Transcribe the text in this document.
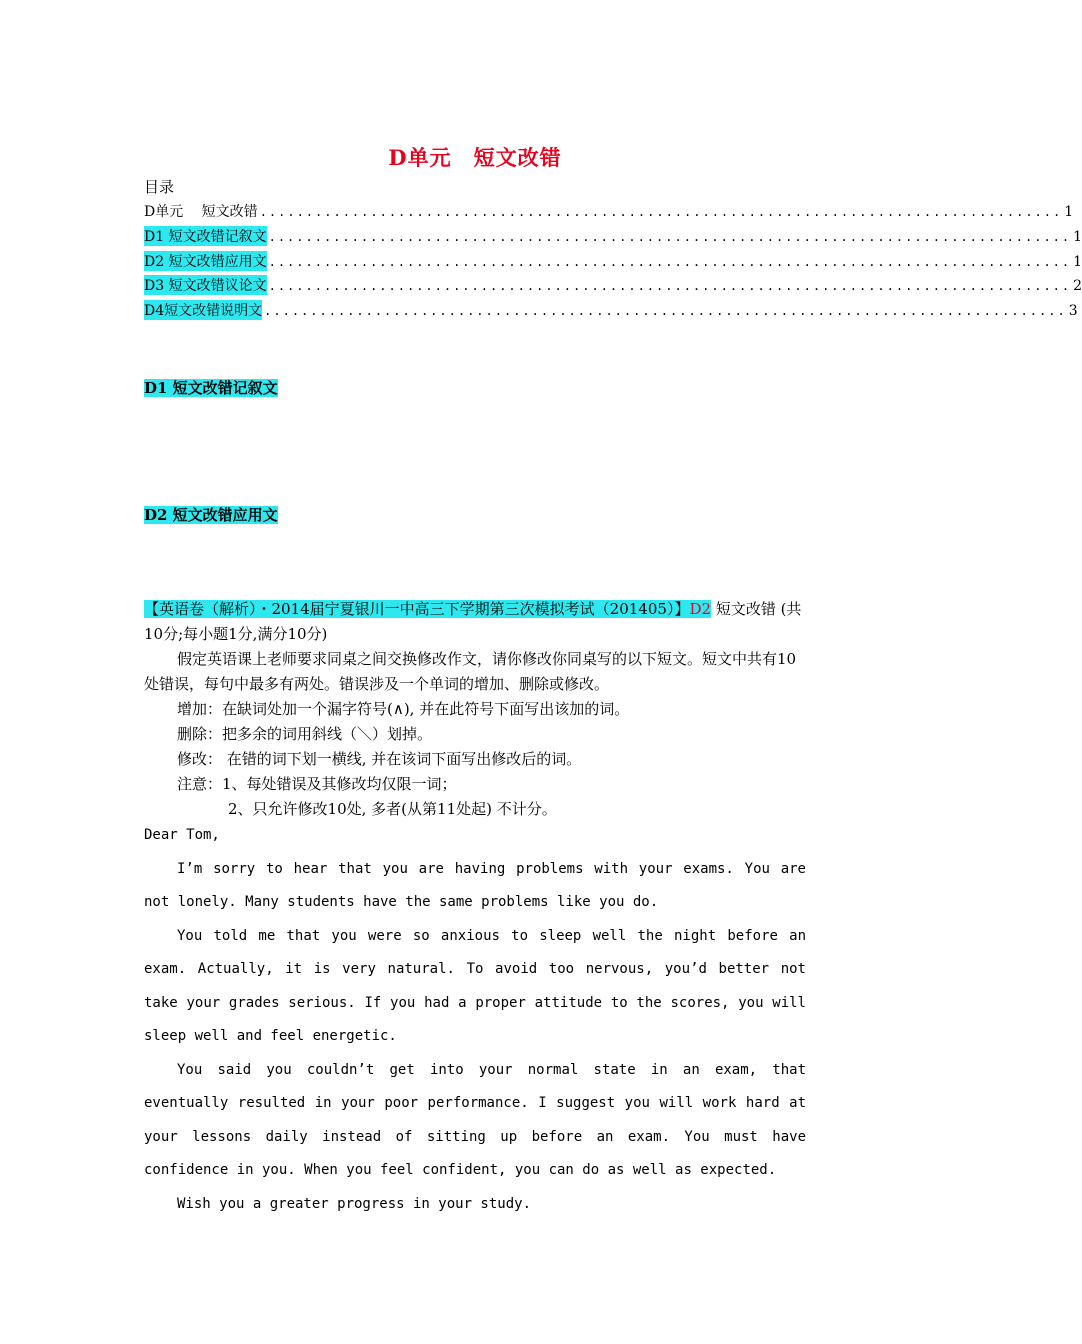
D单元 短文改错
目录
D单元　 短文改错 ....................................................................................... 1
D1 短文改错记叙文 ....................................................................................... 1
D2 短文改错应用文 ....................................................................................... 1
D3 短文改错议论文 ....................................................................................... 2
D4短文改错说明文 ....................................................................................... 3
D1 短文改错记叙文
D2 短文改错应用文
【英语卷（解析）・2014届宁夏银川一中高三下学期第三次模拟考试（201405）】D2 短文改错 (共10分;每小题1分,满分10分)
假定英语课上老师要求同桌之间交换修改作文，请你修改你同桌写的以下短文。短文中共有10处错误，每句中最多有两处。错误涉及一个单词的增加、删除或修改。
增加：在缺词处加一个漏字符号(∧), 并在此符号下面写出该加的词。
删除：把多余的词用斜线（＼）划掉。
修改： 在错的词下划一横线, 并在该词下面写出修改后的词。
注意：1、每处错误及其修改均仅限一词；
2、只允许修改10处, 多者(从第11处起) 不计分。
Dear Tom,
I’m sorry to hear that you are having problems with your exams. You are not lonely. Many students have the same problems like you do.
You told me that you were so anxious to sleep well the night before an exam. Actually, it is very natural. To avoid too nervous, you’d better not take your grades serious. If you had a proper attitude to the scores, you will sleep well and feel energetic.
You said you couldn’t get into your normal state in an exam, that eventually resulted in your poor performance. I suggest you will work hard at your lessons daily instead of sitting up before an exam. You must have confidence in you. When you feel confident, you can do as well as expected.
Wish you a greater progress in your study.
